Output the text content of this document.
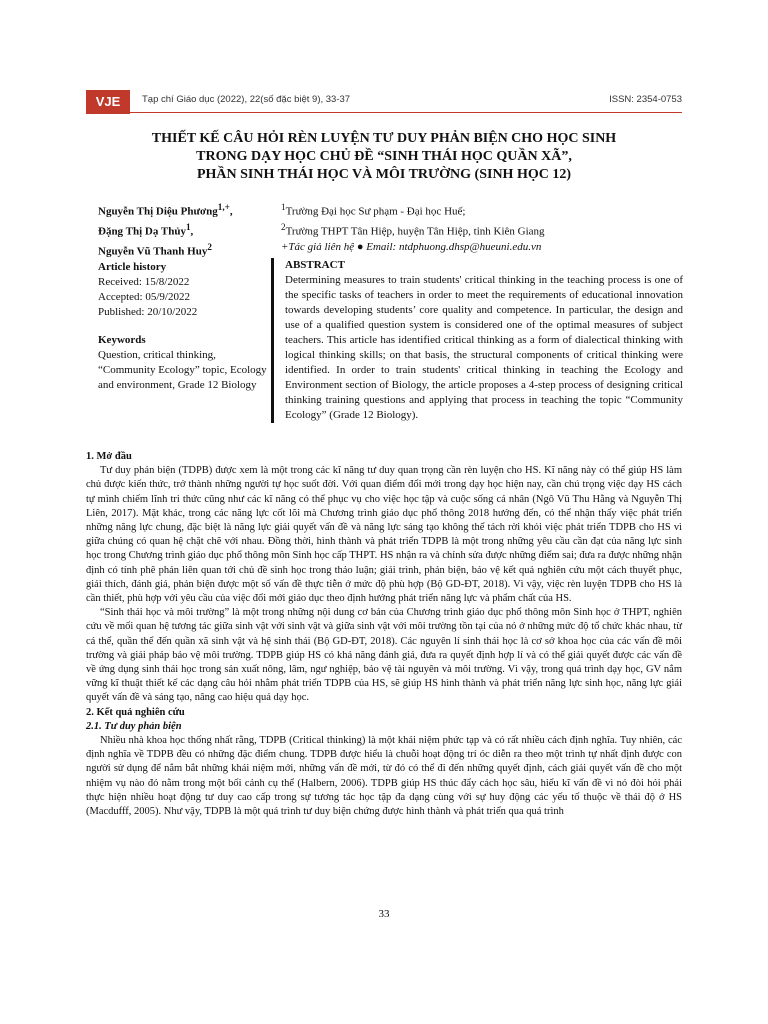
VJE	Tạp chí Giáo dục (2022), 22(số đặc biệt 9), 33-37	ISSN: 2354-0753
THIẾT KẾ CÂU HỎI RÈN LUYỆN TƯ DUY PHẢN BIỆN CHO HỌC SINH
TRONG DẠY HỌC CHỦ ĐỀ “SINH THÁI HỌC QUẦN XÃ”,
PHẦN SINH THÁI HỌC VÀ MÔI TRƯỜNG (SINH HỌC 12)
Nguyễn Thị Diệu Phương$^{1,+}$,
Đặng Thị Dạ Thủy$^1$,
Nguyễn Vũ Thanh Huy$^2$
$^1$Trường Đại học Sư phạm - Đại học Huế;
$^2$Trường THPT Tân Hiệp, huyện Tân Hiệp, tỉnh Kiên Giang
+Tác giả liên hệ ● Email: ntdphuong.dhsp@hueuni.edu.vn
Article history
Received: 15/8/2022
Accepted: 05/9/2022
Published: 20/10/2022
Keywords
Question, critical thinking, “Community Ecology” topic, Ecology and environment, Grade 12 Biology
ABSTRACT
Determining measures to train students' critical thinking in the teaching process is one of the specific tasks of teachers in order to meet the requirements of educational innovation towards developing students’ core quality and competence. In particular, the design and use of a qualified question system is considered one of the optimal measures of subject teachers. This article has identified critical thinking as a form of dialectical thinking with logical thinking skills; on that basis, the structural components of critical thinking were identified. In order to train students' critical thinking in teaching the Ecology and Environment section of Biology, the article proposes a 4-step process of designing critical thinking training questions and applying that process in teaching the topic “Community Ecology” (Grade 12 Biology).
1. Mở đầu

Tư duy phản biện (TDPB) được xem là một trong các kĩ năng tư duy quan trọng cần rèn luyện cho HS. Kĩ năng này có thể giúp HS làm chủ được kiến thức, trở thành những người tự học suốt đời. Với quan điểm đổi mới trong dạy học hiện nay, cần chú trọng việc dạy HS cách tự mình chiếm lĩnh tri thức cũng như các kĩ năng có thể phục vụ cho việc học tập và cuộc sống cá nhân (Ngô Vũ Thu Hằng và Nguyễn Thị Liên, 2017). Mặt khác, trong các năng lực cốt lõi mà Chương trình giáo dục phổ thông 2018 hướng đến, có thể nhận thấy việc phát triển những năng lực chung, đặc biệt là năng lực giải quyết vấn đề và năng lực sáng tạo không thể tách rời khỏi việc phát triển TDPB cho HS vì giữa chúng có quan hệ chặt chẽ với nhau. Đồng thời, hình thành và phát triển TDPB là một trong những yêu cầu cần đạt của năng lực sinh học trong Chương trình giáo dục phổ thông môn Sinh học cấp THPT. HS nhận ra và chỉnh sửa được những điểm sai; đưa ra được những nhận định có tính phê phán liên quan tới chủ đề sinh học trong thảo luận; giải trình, phản biện, bảo vệ kết quả nghiên cứu một cách thuyết phục, giải thích, đánh giá, phản biện được một số vấn đề thực tiễn ở mức độ phù hợp (Bộ GD-ĐT, 2018). Vì vậy, việc rèn luyện TDPB cho HS là cần thiết, phù hợp với yêu cầu của việc đổi mới giáo dục theo định hướng phát triển năng lực và phẩm chất của HS.

“Sinh thái học và môi trường” là một trong những nội dung cơ bản của Chương trình giáo dục phổ thông môn Sinh học ở THPT, nghiên cứu về mối quan hệ tương tác giữa sinh vật với sinh vật và giữa sinh vật với môi trường tồn tại của nó ở những mức độ tổ chức khác nhau, từ cá thể, quần thể đến quần xã sinh vật và hệ sinh thái (Bộ GD-ĐT, 2018). Các nguyên lí sinh thái học là cơ sở khoa học của các vấn đề môi trường và giải pháp bảo vệ môi trường. TDPB giúp HS có khả năng đánh giá, đưa ra quyết định hợp lí và có thể giải quyết được các vấn đề về ứng dụng sinh thái học trong sản xuất nông, lâm, ngư nghiệp, bảo vệ tài nguyên và môi trường. Vì vậy, trong quá trình dạy học, GV nắm vững kĩ thuật thiết kế các dạng câu hỏi nhằm phát triển TDPB của HS, sẽ giúp HS hình thành và phát triển năng lực sinh học, năng lực giải quyết vấn đề và sáng tạo, nâng cao hiệu quả dạy học.

2. Kết quả nghiên cứu
2.1. Tư duy phản biện

Nhiều nhà khoa học thống nhất rằng, TDPB (Critical thinking) là một khái niệm phức tạp và có rất nhiều cách định nghĩa. Tuy nhiên, các định nghĩa về TDPB đều có những đặc điểm chung. TDPB được hiểu là chuỗi hoạt động trí óc diễn ra theo một trình tự nhất định được con người sử dụng để nắm bắt những khái niệm mới, những vấn đề mới, từ đó có thể đi đến những quyết định, cách giải quyết vấn đề cho một nhiệm vụ nào đó nằm trong một bối cảnh cụ thể (Halbern, 2006). TDPB giúp HS thúc đẩy cách học sâu, hiểu kĩ vấn đề vì nó đòi hỏi phải thực hiện nhiều hoạt động tư duy cao cấp trong sự tương tác học tập đa dạng cùng với sự huy động các yếu tố thuộc về thái độ ở HS (Macdufff, 2005). Như vậy, TDPB là một quá trình tư duy biện chứng được hình thành và phát triển qua quá trình

33
